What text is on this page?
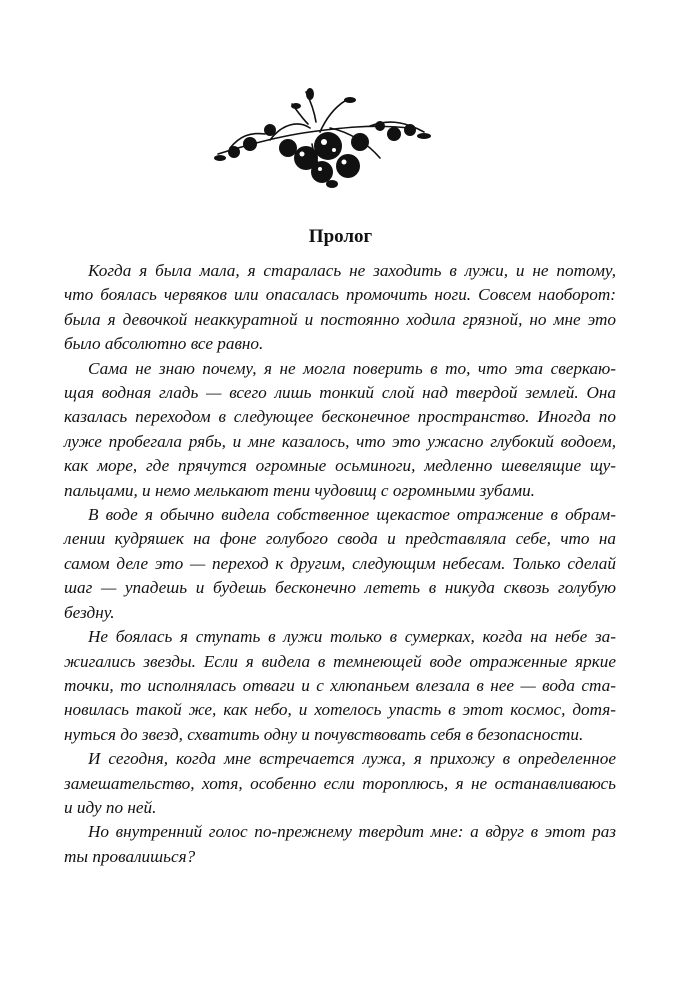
Пролог
Когда я была мала, я старалась не заходить в лужи, и не потому,
что боялась червяков или опасалась промочить ноги. Совсем наоборот:
была я девочкой неаккуратной и постоянно ходила грязной, но мне это
было абсолютно все равно.
Сама не знаю почему, я не могла поверить в то, что эта сверкаю-
щая водная гладь — всего лишь тонкий слой над твердой землей. Она
казалась переходом в следующее бесконечное пространство. Иногда по
луже пробегала рябь, и мне казалось, что это ужасно глубокий водоем,
как море, где прячутся огромные осьминоги, медленно шевелящие щу-
пальцами, и немо мелькают тени чудовищ с огромными зубами.
В воде я обычно видела собственное щекастое отражение в обрам-
лении кудряшек на фоне голубого свода и представляла себе, что на
самом деле это — переход к другим, следующим небесам. Только сделай
шаг — упадешь и будешь бесконечно лететь в никуда сквозь голубую
бездну.
Не боялась я ступать в лужи только в сумерках, когда на небе за-
жигались звезды. Если я видела в темнеющей воде отраженные яркие
точки, то исполнялась отваги и с хлюпаньем влезала в нее — вода ста-
новилась такой же, как небо, и хотелось упасть в этот космос, дотя-
нуться до звезд, схватить одну и почувствовать себя в безопасности.
И сегодня, когда мне встречается лужа, я прихожу в определенное
замешательство, хотя, особенно если тороплюсь, я не останавливаюсь
и иду по ней.
Но внутренний голос по-прежнему твердит мне: а вдруг в этот раз
ты провалишься?
